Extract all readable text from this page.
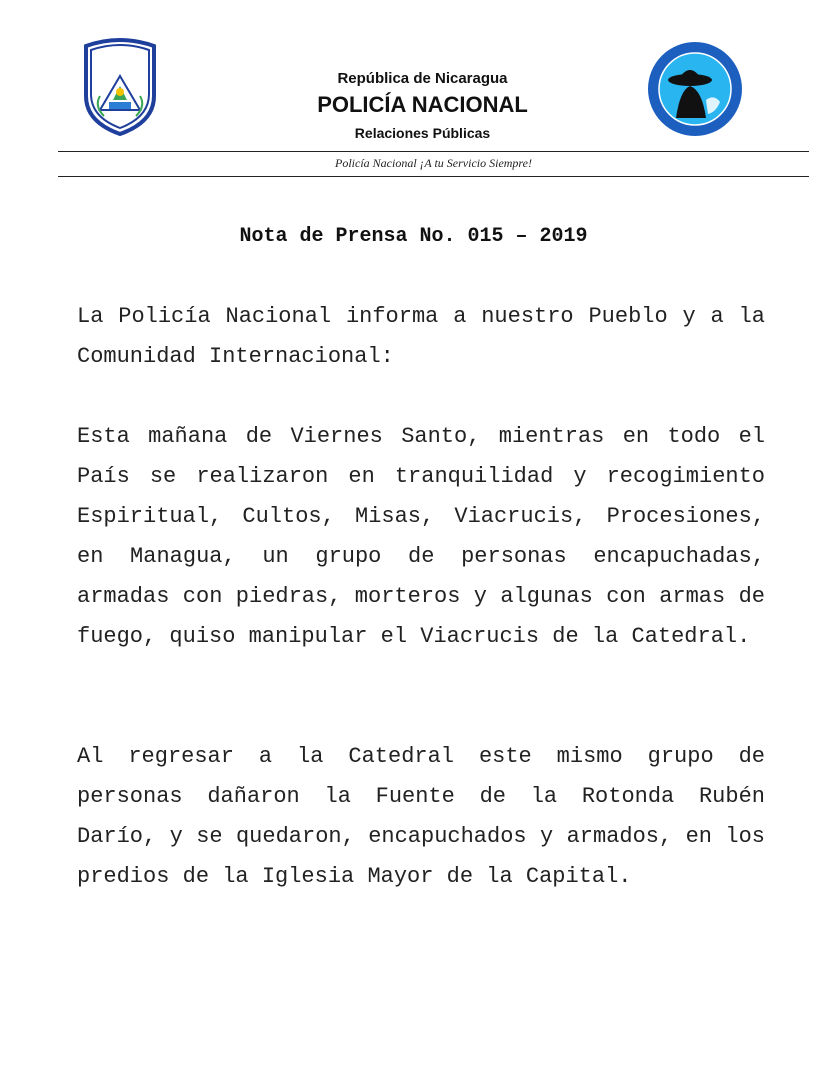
República de Nicaragua
POLICÍA NACIONAL
Relaciones Públicas
Policía Nacional ¡A tu Servicio Siempre!
Nota de Prensa No. 015 – 2019

La Policía Nacional informa a nuestro Pueblo y a la Comunidad Internacional:

Esta mañana de Viernes Santo, mientras en todo el País se realizaron en tranquilidad y recogimiento Espiritual, Cultos, Misas, Viacrucis, Procesiones, en Managua, un grupo de personas encapuchadas, armadas con piedras, morteros y algunas con armas de fuego, quiso manipular el Viacrucis de la Catedral.

Al regresar a la Catedral este mismo grupo de personas dañaron la Fuente de la Rotonda Rubén Darío, y se quedaron, encapuchados y armados, en los predios de la Iglesia Mayor de la Capital.
